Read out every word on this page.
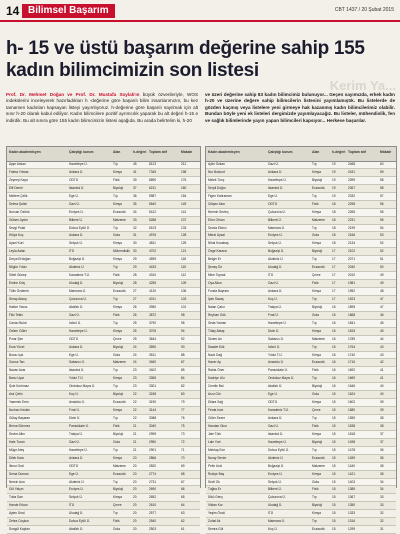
14 Bilimsel Başarım	CBT 1437 / 20 Şubat 2015
h- 15 ve üstü başarım değerine sahip 155 kadın bilimcimizin son listesi
Kerim Ya...
Prof. Dr. Mehmet Doğan ve Prof. Dr. Mustafa Soylak'ın büyük özverileriyle, WOS indekslerini inceleyerek hazırladıkları h -değerine göre başarılı bilim insanlarımızın, bu kez tamamen kadınları kapsayan listeyi yayımlıyoruz. h-değerine göre başarılı sayılmak için alt sınır h-20 olarak kabul ediliyor. Kadın bilimcilere pozitif ayrımcılık yaparak bu alt değeri h-15 e indirdik. Bu alt sınıra göre 155 kadın bilimcimizin listesi aşağıda. Bu arada belirtelim ki, h-20
ve üzeri değerine sahip 83 kadın bilimcimiz bulunuyor... Geçen sayımızda, erkek kadın h-20 ve üzerine değere sahip bilimcilerin listesini yayımlamıştık. Bu listelerde de gözden kaçmış veya listelere yeni girmeye hak kazanmış kadın bilimcilerimiz olabilir. Bundan böyle yeni ek listeleri dergimizde yayımlayacağız. Bu listeler, mühendislik, fen ve sağlık bilimlerinde yayın yapan bilimcileri kapsıyor... Herkese başarılar.
Kadın akademisyen	Çalıştığı kurum	Alan	h-değeri Toplam atıf	Makale
Ayşe Arslan	Hacettepe Ü.	Tıp	45	8123	212
Fatma Yılmaz	Ankara Ü.	Kimya	41	7345	198
Zeynep Kaya	ODTÜ	Fizik	39	6890	176
Elif Demir	İstanbul Ü.	Biyoloji	37	6211	160
Meltem Çelik	Ege Ü.	Tıp	36	5987	154
Selma Şahin	Gazi Ü.	Kimya	35	5640	149
Nurcan Öztürk	Erciyes Ü.	Eczacılık	34	5412	141
Gülsen Aydın	Bilkent Ü.	Malzeme	33	5288	137
Sevgi Polat	Dokuz Eylül Ü.	Tıp	32	5103	133
Hülya Koç	Ankara Ü.	Gıda	31	4976	128
Aysel Kurt	Selçuk Ü.	Kimya	30	4811	125
Leyla Aslan	İTÜ	Mühendislik 30	4702	121
Derya Erdoğan	Boğaziçi Ü.	Kimya	29	4599	118
Nilgün Yıldız	Akdeniz Ü.	Tıp	29	4433	115
Sibel Güneş	Karadeniz T.Ü.	Fizik	28	4310	112
Emine Kılıç	Uludağ Ü.	Biyoloji	28	4255	109
Tülin Özdemir	Marmara Ü.	Eczacılık	27	4120	106
Serap Aksoy	Çukurova Ü.	Tıp	27	4011	103
Hatice Yavuz	Atatürk Ü.	Kimya	26	3950	101
Filiz Tekin	Gazi Ü.	Fizik	26	3872	98
Canan Bulut	İnönü Ü.	Tıp	25	3790	96
Özlem Güler	Hacettepe Ü.	Kimya	25	3705	94
Pınar Şen	ODTÜ	Çevre	25	3644	92
Esra Yücel	Ankara Ü.	Biyoloji	24	3590	90
Burcu Işık	Ege Ü.	Gıda	24	3511	88
Gonca Tan	Sabancı Ü.	Malzeme	24	3460	87
Nazan Acar	İstanbul Ü.	Tıp	23	3402	85
Banu Uçar	Yıldız T.Ü.	Kimya	23	3355	84
Şule Korkmaz	Ondokuz Mayıs Ü.	Tıp	23	3301	82
Aslı Çetin	Koç Ü.	Biyoloji	22	3248	80
Yasemin Eren	Anadolu Ü.	Eczacılık	22	3190	79
Nurhan Keskin	Fırat Ü.	Kimya	22	3144	77
Gülay Başaran	Dicle Ü.	Tıp	22	3088	76
Berna Sönmez	Pamukkale Ü.	Fizik	21	3040	75
Sevim Altın	Trakya Ü.	Biyoloji	21	2995	73
Hale Turan	Gazi Ü.	Gıda	21	2950	72
Müge Ateş	Hacettepe Ü.	Tıp	21	2901	71
Dilek Kara	Ankara Ü.	Kimya	20	2866	70
İlknur Oral	ODTÜ	Malzeme	20	2820	69
Sema Duman	Ege Ü.	Eczacılık	20	2774	68
Nesrin Avcı	Akdeniz Ü.	Tıp	20	2731	67
Gül Yalçın	Erciyes Ü.	Biyoloji	20	2690	66
Tuba Sarı	Selçuk Ü.	Kimya	20	2652	65
Hande Erkan	İTÜ	Çevre	20	2610	64
Ayten Ünal	Uludağ Ü.	Tıp	20	2577	63
Zehra Coşkun	Dokuz Eylül Ü.	Fizik	20	2540	62
Songül Kaplan	Atatürk Ü.	Gıda	20	2503	61
Kadın akademisyen	Çalıştığı kurum	Alan	h-değeri Toplam atıf	Makale
Aylin Özkan	Gazi Ü.	Tıp	19	2468	60
Nur Bozkurt	Ankara Ü.	Kimya	19	2431	59
Melek Tunç	Hacettepe Ü.	Biyoloji	19	2399	58
Serpil Doğru	İstanbul Ü.	Eczacılık	19	2367	58
Figen Kahraman	Ege Ü.	Tıp	19	2332	57
Gülşen Akın	ODTÜ	Fizik	18	2298	56
Nermin Sevinç	Çukurova Ü.	Kimya	18	2265	55
Ebru Orhan	Bilkent Ü.	Malzeme	18	2231	55
Sevda Ekinci	Marmara Ü.	Tıp	18	2199	54
Meral Uysal	Erciyes Ü.	Gıda	18	2166	53
Nihal Kocabaş	Selçuk Ü.	Kimya	18	2134	52
Özge Karaca	Boğaziçi Ü.	Biyoloji	17	2102	52
Belgin Er	Akdeniz Ü.	Tıp	17	2071	51
Şenay Öz	Uludağ Ü.	Eczacılık	17	2040	50
Mine Toprak	İTÜ	Çevre	17	2010	49
Oya Altun	Gazi Ü.	Fizik	17	1981	49
Funda Bayram	Ankara Ü.	Kimya	17	1952	48
İpek Savaş	Koç Ü.	Tıp	17	1923	47
Nalan Çakır	Trakya Ü.	Biyoloji	16	1895	47
Reyhan Gök	Fırat Ü.	Gıda	16	1868	46
Seda Yaman	Hacettepe Ü.	Tıp	16	1841	45
Tülay Aktaş	Dicle Ü.	Kimya	16	1815	45
Gizem Arı	Sabancı Ü.	Malzeme	16	1789	44
Saadet Kök	İnönü Ü.	Tıp	16	1764	43
Nazlı Dağ	Yıldız T.Ü.	Kimya	16	1740	43
Hacer Ay	Anadolu Ü.	Eczacılık	16	1716	42
Rabia Öner	Pamukkale Ü.	Fizik	16	1692	41
Kadriye Ulu	Ondokuz Mayıs Ü.	Tıp	16	1669	41
Cemile Bal	Atatürk Ü.	Biyoloji	16	1646	40
Arzu Gür	Ege Ü.	Gıda	15	1624	40
Dilara Sağ	ODTÜ	Kimya	15	1602	39
Ferda İnce	Karadeniz T.Ü.	Çevre	15	1580	39
Güler Sezer	Ankara Ü.	Tıp	15	1559	38
Handan Okur	Gazi Ü.	Fizik	15	1538	38
Jale Türk	İstanbul Ü.	Kimya	15	1518	37
Lale Yurt	Hacettepe Ü.	Biyoloji	15	1498	37
Mehtap Ece	Dokuz Eylül Ü.	Tıp	15	1478	36
Nuray Sevim	Akdeniz Ü.	Eczacılık	15	1459	36
Pelin Ural	Boğaziçi Ü.	Malzeme	15	1440	35
Rukiye Baş	Erciyes Ü.	Kimya	15	1421	35
Sevil Ok	Selçuk Ü.	Gıda	15	1403	34
Tuğba Er	Bilkent Ü.	Fizik	15	1385	34
Ülkü Genç	Çukurova Ü.	Tıp	15	1367	33
Vildan Kor	Uludağ Ü.	Biyoloji	15	1350	33
Yeşim Öncü	İTÜ	Kimya	15	1333	32
Zuhal Ak	Marmara Ü.	Tıp	15	1316	32
Semra Gül	Koç Ü.	Eczacılık	15	1299	31
